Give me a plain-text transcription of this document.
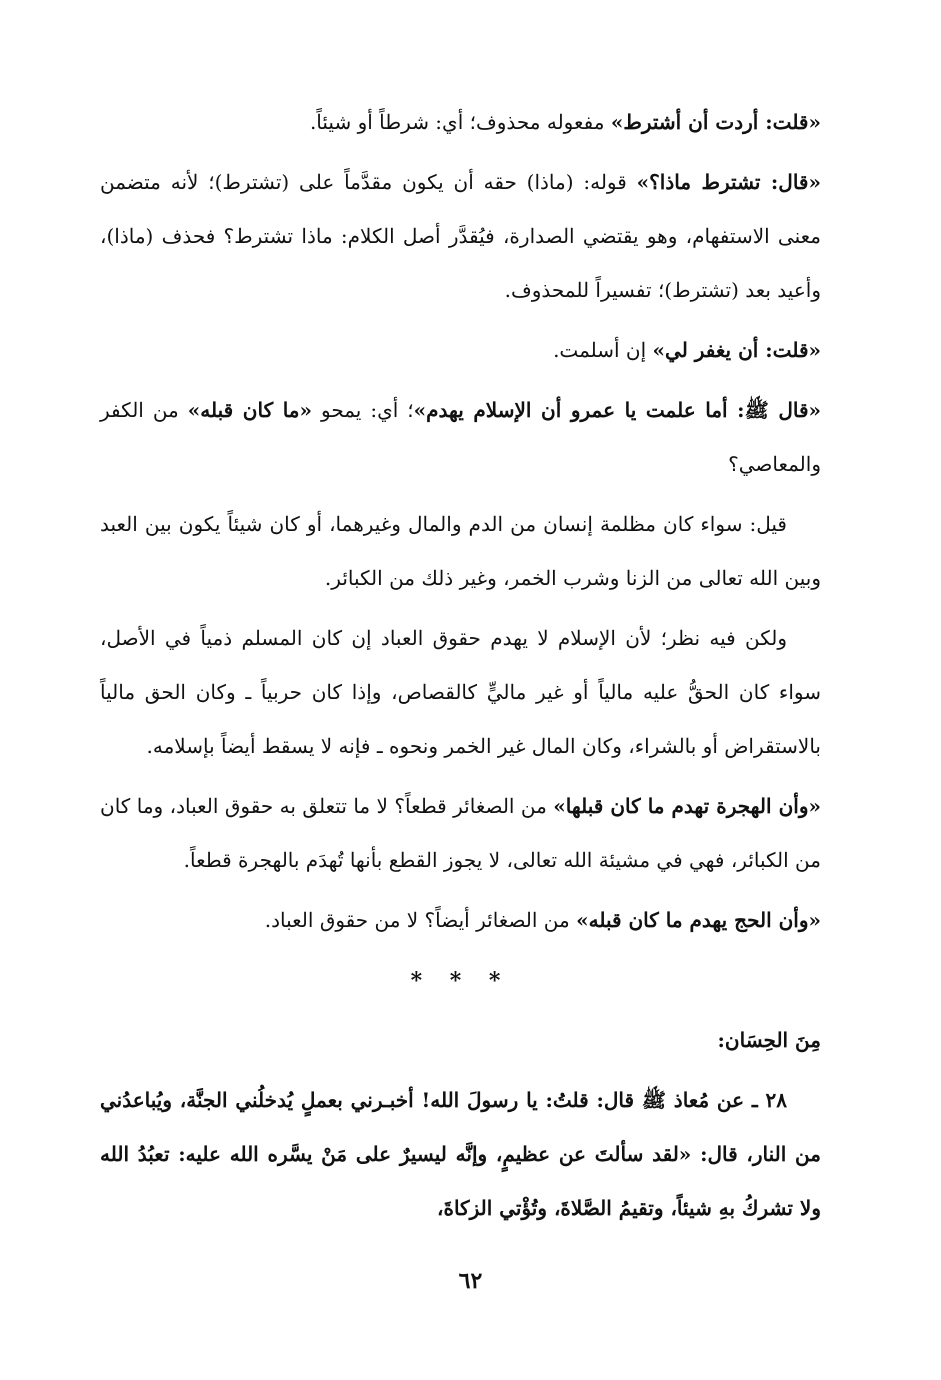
«قلت: أردت أن أشترط» مفعوله محذوف؛ أي: شرطاً أو شيئاً.

«قال: تشترط ماذا؟» قوله: (ماذا) حقه أن يكون مقدَّماً على (تشترط)؛ لأنه متضمن معنى الاستفهام، وهو يقتضي الصدارة، فيُقدَّر أصل الكلام: ماذا تشترط؟ فحذف (ماذا)، وأعيد بعد (تشترط)؛ تفسيراً للمحذوف.

«قلت: أن يغفر لي» إن أسلمت.

«قال ﷺ: أما علمت يا عمرو أن الإسلام يهدم»؛ أي: يمحو «ما كان قبله» من الكفر والمعاصي؟

قيل: سواء كان مظلمة إنسان من الدم والمال وغيرهما، أو كان شيئاً يكون بين العبد وبين الله تعالى من الزنا وشرب الخمر، وغير ذلك من الكبائر.

ولكن فيه نظر؛ لأن الإسلام لا يهدم حقوق العباد إن كان المسلم ذمياً في الأصل، سواء كان الحقُّ عليه مالياً أو غير ماليٍّ كالقصاص، وإذا كان حربياً ـ وكان الحق مالياً بالاستقراض أو بالشراء، وكان المال غير الخمر ونحوه ـ فإنه لا يسقط أيضاً بإسلامه.

«وأن الهجرة تهدم ما كان قبلها» من الصغائر قطعاً؟ لا ما تتعلق به حقوق العباد، وما كان من الكبائر، فهي في مشيئة الله تعالى، لا يجوز القطع بأنها تُهدَم بالهجرة قطعاً.

«وأن الحج يهدم ما كان قبله» من الصغائر أيضاً؟ لا من حقوق العباد.

* * *

مِنَ الحِسَان:

٢٨ ـ عن مُعاذ ﷺ قال: قلتُ: يا رسولَ الله! أخبـرني بعملٍ يُدخلُني الجنَّة، ويُباعدُني من النار، قال: «لقد سألتَ عن عظيمٍ، وإنَّه ليسيرٌ على مَنْ يسَّره الله عليه: تعبُدُ الله ولا تشركُ بهِ شيئاً، وتقيمُ الصَّلاةَ، وتُؤْتي الزكاةَ،

٦٢
